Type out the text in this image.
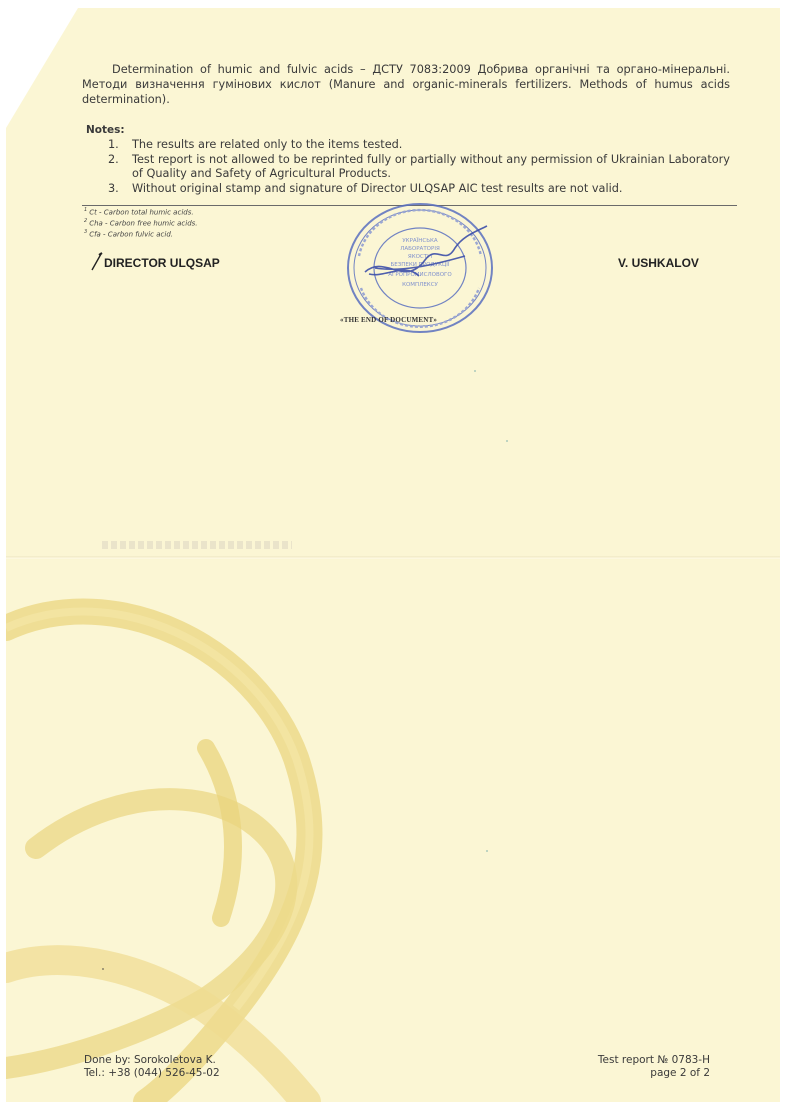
Determination of humic and fulvic acids – ДСТУ 7083:2009 Добрива органічні та органо-мінеральні. Методи визначення гумінових кислот (Manure and organic-minerals fertilizers. Methods of humus acids determination).
Notes:
1. The results are related only to the items tested.
2. Test report is not allowed to be reprinted fully or partially without any permission of Ukrainian Laboratory of Quality and Safety of Agricultural Products.
3. Without original stamp and signature of Director ULQSAP AIC test results are not valid.
$^1$ Ct - Carbon total humic acids.
$^2$ Cha - Carbon free humic acids.
$^3$ Cfa - Carbon fulvic acid.
DIRECTOR ULQSAP	V. USHKALOV
УКРАЇНСЬКА
ЛАБОРАТОРІЯ
ЯКОСТІ І
БЕЗПЕКИ ПРОДУКЦІЇ
АГРОПРОМИСЛОВОГО
КОМПЛЕКСУ
«THE END OF DOCUMENT»
Done by: Sorokoletova K.
Tel.: +38 (044) 526-45-02
Test report № 0783-H
page 2 of 2
